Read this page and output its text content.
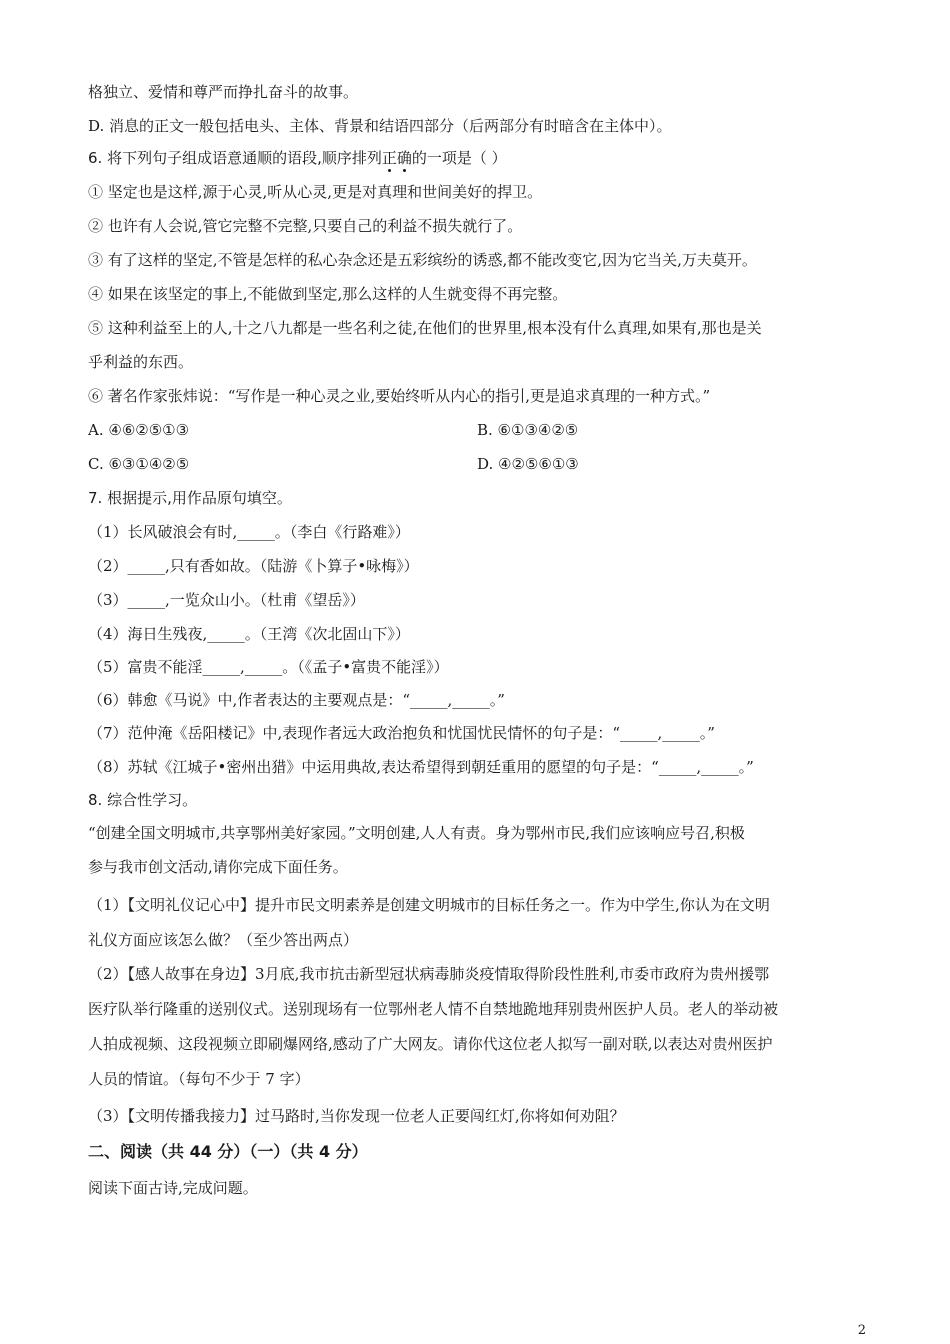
格独立、爱情和尊严而挣扎奋斗的故事。
D. 消息的正文一般包括电头、主体、背景和结语四部分（后两部分有时暗含在主体中）。
6. 将下列句子组成语意通顺的语段,顺序排列正确的一项是（ ）
① 坚定也是这样,源于心灵,听从心灵,更是对真理和世间美好的捍卫。
② 也许有人会说,管它完整不完整,只要自己的利益不损失就行了。
③ 有了这样的坚定,不管是怎样的私心杂念还是五彩缤纷的诱惑,都不能改变它,因为它当关,万夫莫开。
④ 如果在该坚定的事上,不能做到坚定,那么这样的人生就变得不再完整。
⑤ 这种利益至上的人,十之八九都是一些名利之徒,在他们的世界里,根本没有什么真理,如果有,那也是关
乎利益的东西。
⑥ 著名作家张炜说：“写作是一种心灵之业,要始终听从内心的指引,更是追求真理的一种方式。”
A. ④⑥②⑤①③	B. ⑥①③④②⑤
C. ⑥③①④②⑤	D. ④②⑤⑥①③
7. 根据提示,用作品原句填空。
（1）长风破浪会有时,_____。（李白《行路难》）
（2）_____,只有香如故。（陆游《卜算子•咏梅》）
（3）_____,一览众山小。（杜甫《望岳》）
（4）海日生残夜,_____。（王湾《次北固山下》）
（5）富贵不能淫_____,_____。（《孟子•富贵不能淫》）
（6）韩愈《马说》中,作者表达的主要观点是：“_____,_____。”
（7）范仲淹《岳阳楼记》中,表现作者远大政治抱负和忧国忧民情怀的句子是：“_____,_____。”
（8）苏轼《江城子•密州出猎》中运用典故,表达希望得到朝廷重用的愿望的句子是：“_____,_____。”
8. 综合性学习。
“创建全国文明城市,共享鄂州美好家园。”文明创建,人人有责。身为鄂州市民,我们应该响应号召,积极
参与我市创文活动,请你完成下面任务。
（1）【文明礼仪记心中】提升市民文明素养是创建文明城市的目标任务之一。作为中学生,你认为在文明
礼仪方面应该怎么做？（至少答出两点）
（2）【感人故事在身边】3月底,我市抗击新型冠状病毒肺炎疫情取得阶段性胜利,市委市政府为贵州援鄂
医疗队举行隆重的送别仪式。送别现场有一位鄂州老人情不自禁地跪地拜别贵州医护人员。老人的举动被
人拍成视频、这段视频立即刷爆网络,感动了广大网友。请你代这位老人拟写一副对联,以表达对贵州医护
人员的情谊。（每句不少于 7 字）
（3）【文明传播我接力】过马路时,当你发现一位老人正要闯红灯,你将如何劝阻？
二、阅读（共 44 分）（一）（共 4 分）
阅读下面古诗,完成问题。
2
